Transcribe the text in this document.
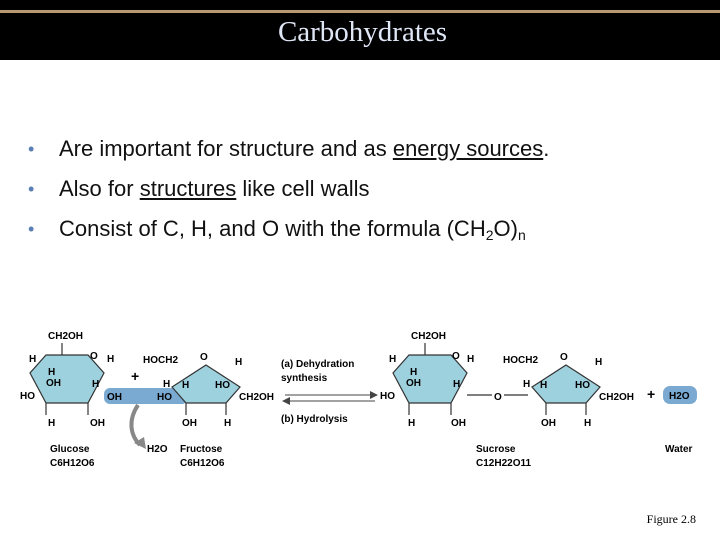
Carbohydrates
• Are important for structure and as energy sources.
• Also for structures like cell walls
• Consist of C, H, and O with the formula $(CH_2O)_n$
CH2OH
H	O H
H
OH	H
HO
H	OH
OH
+
H2O
HOCH2 O
H
H
HO
HO
H
CH2OH
OH	H
Glucose
C6H12O6
Fructose
C6H12O6
(a) Dehydration
synthesis
(b) Hydrolysis
CH2OH
H	O H
H
OH	H
HO
H	OH
O
HOCH2 O
H
H
HO
H
CH2OH
OH	H
+ H2O
Sucrose
C12H22O11
Water
Figure 2.8
